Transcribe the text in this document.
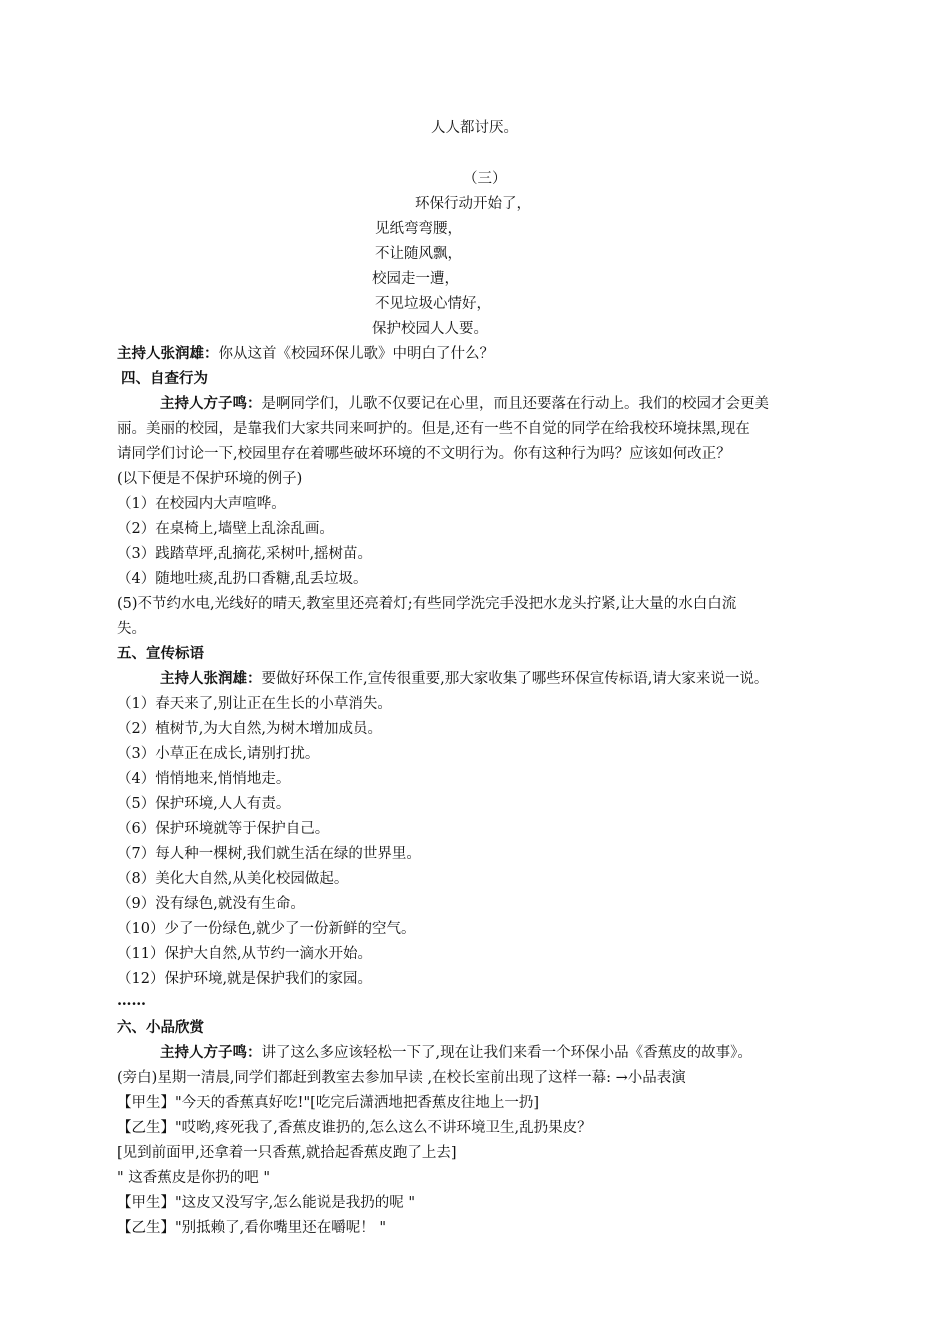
人人都讨厌。
（三）
环保行动开始了，
见纸弯弯腰，
不让随风飘，
校园走一遭，
不见垃圾心情好，
保护校园人人要。
主持人张润雄：你从这首《校园环保儿歌》中明白了什么？
四、自查行为
主持人方子鸣：是啊同学们，儿歌不仅要记在心里，而且还要落在行动上。我们的校园才会更美
丽。美丽的校园，是靠我们大家共同来呵护的。但是,还有一些不自觉的同学在给我校环境抹黑,现在
请同学们讨论一下,校园里存在着哪些破坏环境的不文明行为。你有这种行为吗？应该如何改正？
(以下便是不保护环境的例子)
（1）在校园内大声喧哗。
（2）在桌椅上,墙壁上乱涂乱画。
（3）践踏草坪,乱摘花,采树叶,摇树苗。
（4）随地吐痰,乱扔口香糖,乱丢垃圾。
(5)不节约水电,光线好的晴天,教室里还亮着灯;有些同学洗完手没把水龙头拧紧,让大量的水白白流
失。
五、宣传标语
主持人张润雄：要做好环保工作,宣传很重要,那大家收集了哪些环保宣传标语,请大家来说一说。
（1）春天来了,别让正在生长的小草消失。
（2）植树节,为大自然,为树木增加成员。
（3）小草正在成长,请别打扰。
（4）悄悄地来,悄悄地走。
（5）保护环境,人人有责。
（6）保护环境就等于保护自己。
（7）每人种一棵树,我们就生活在绿的世界里。
（8）美化大自然,从美化校园做起。
（9）没有绿色,就没有生命。
（10）少了一份绿色,就少了一份新鲜的空气。
（11）保护大自然,从节约一滴水开始。
（12）保护环境,就是保护我们的家园。
……
六、小品欣赏
主持人方子鸣：讲了这么多应该轻松一下了,现在让我们来看一个环保小品《香蕉皮的故事》。
(旁白)星期一清晨,同学们都赶到教室去参加早读 ,在校长室前出现了这样一幕: →小品表演
【甲生】"今天的香蕉真好吃!"[吃完后潇洒地把香蕉皮往地上一扔]
【乙生】"哎哟,疼死我了,香蕉皮谁扔的,怎么这么不讲环境卫生,乱扔果皮？
[见到前面甲,还拿着一只香蕉,就拾起香蕉皮跑了上去]
" 这香蕉皮是你扔的吧 "
【甲生】"这皮又没写字,怎么能说是我扔的呢 "
【乙生】"别抵赖了,看你嘴里还在嚼呢！ "
